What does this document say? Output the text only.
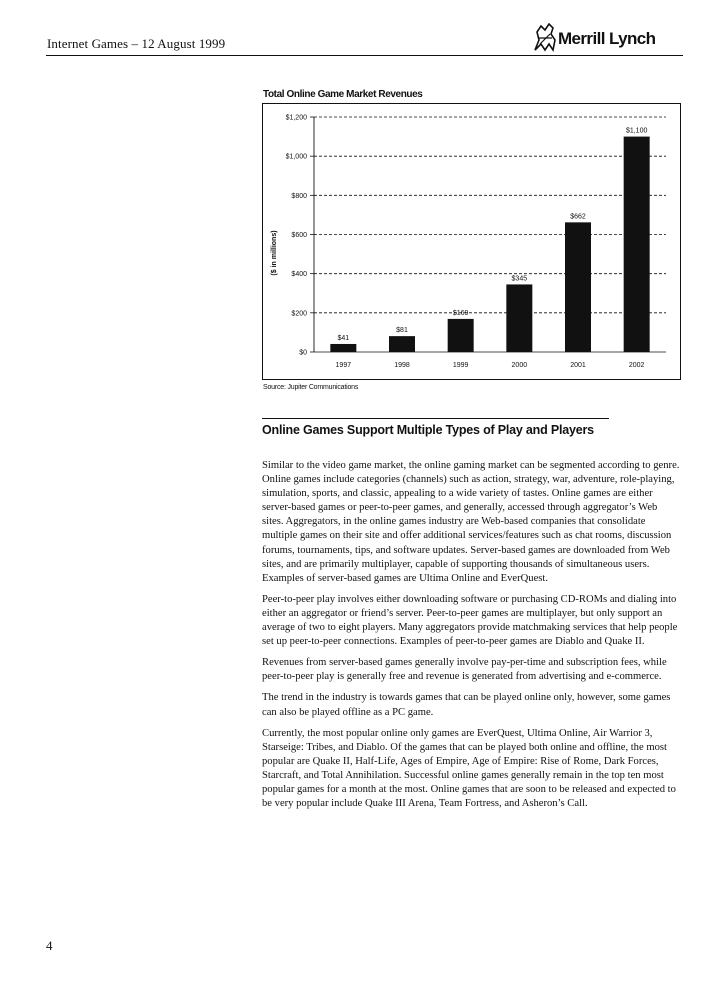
Internet Games – 12 August 1999	Merrill Lynch
Total Online Game Market Revenues
$0
$200
$400
$600
$800
$1,000
$1,200
$41
1997
$81
1998
$169
1999
$345
2000
$662
2001
$1,100
2002
($ in millions)
Source: Jupiter Communications
Online Games Support Multiple Types of Play and Players

Similar to the video game market, the online gaming market can be segmented according to genre. Online games include categories (channels) such as action, strategy, war, adventure, role-playing, simulation, sports, and classic, appealing to a wide variety of tastes. Online games are either server-based games or peer-to-peer games, and generally, accessed through aggregator’s Web sites. Aggregators, in the online games industry are Web-based companies that consolidate multiple games on their site and offer additional services/features such as chat rooms, discussion forums, tournaments, tips, and software updates. Server-based games are downloaded from Web sites, and are primarily multiplayer, capable of supporting thousands of simultaneous users. Examples of server-based games are Ultima Online and EverQuest.

Peer-to-peer play involves either downloading software or purchasing CD-ROMs and dialing into either an aggregator or friend’s server. Peer-to-peer games are multiplayer, but only support an average of two to eight players. Many aggregators provide matchmaking services that help people set up peer-to-peer connections. Examples of peer-to-peer games are Diablo and Quake II.

Revenues from server-based games generally involve pay-per-time and subscription fees, while peer-to-peer play is generally free and revenue is generated from advertising and e-commerce.

The trend in the industry is towards games that can be played online only, however, some games can also be played offline as a PC game.

Currently, the most popular online only games are EverQuest, Ultima Online, Air Warrior 3, Starseige: Tribes, and Diablo. Of the games that can be played both online and offline, the most popular are Quake II, Half-Life, Ages of Empire, Age of Empire: Rise of Rome, Dark Forces, Starcraft, and Total Annihilation. Successful online games generally remain in the top ten most popular games for a month at the most. Online games that are soon to be released and expected to be very popular include Quake III Arena, Team Fortress, and Asheron’s Call.

4
